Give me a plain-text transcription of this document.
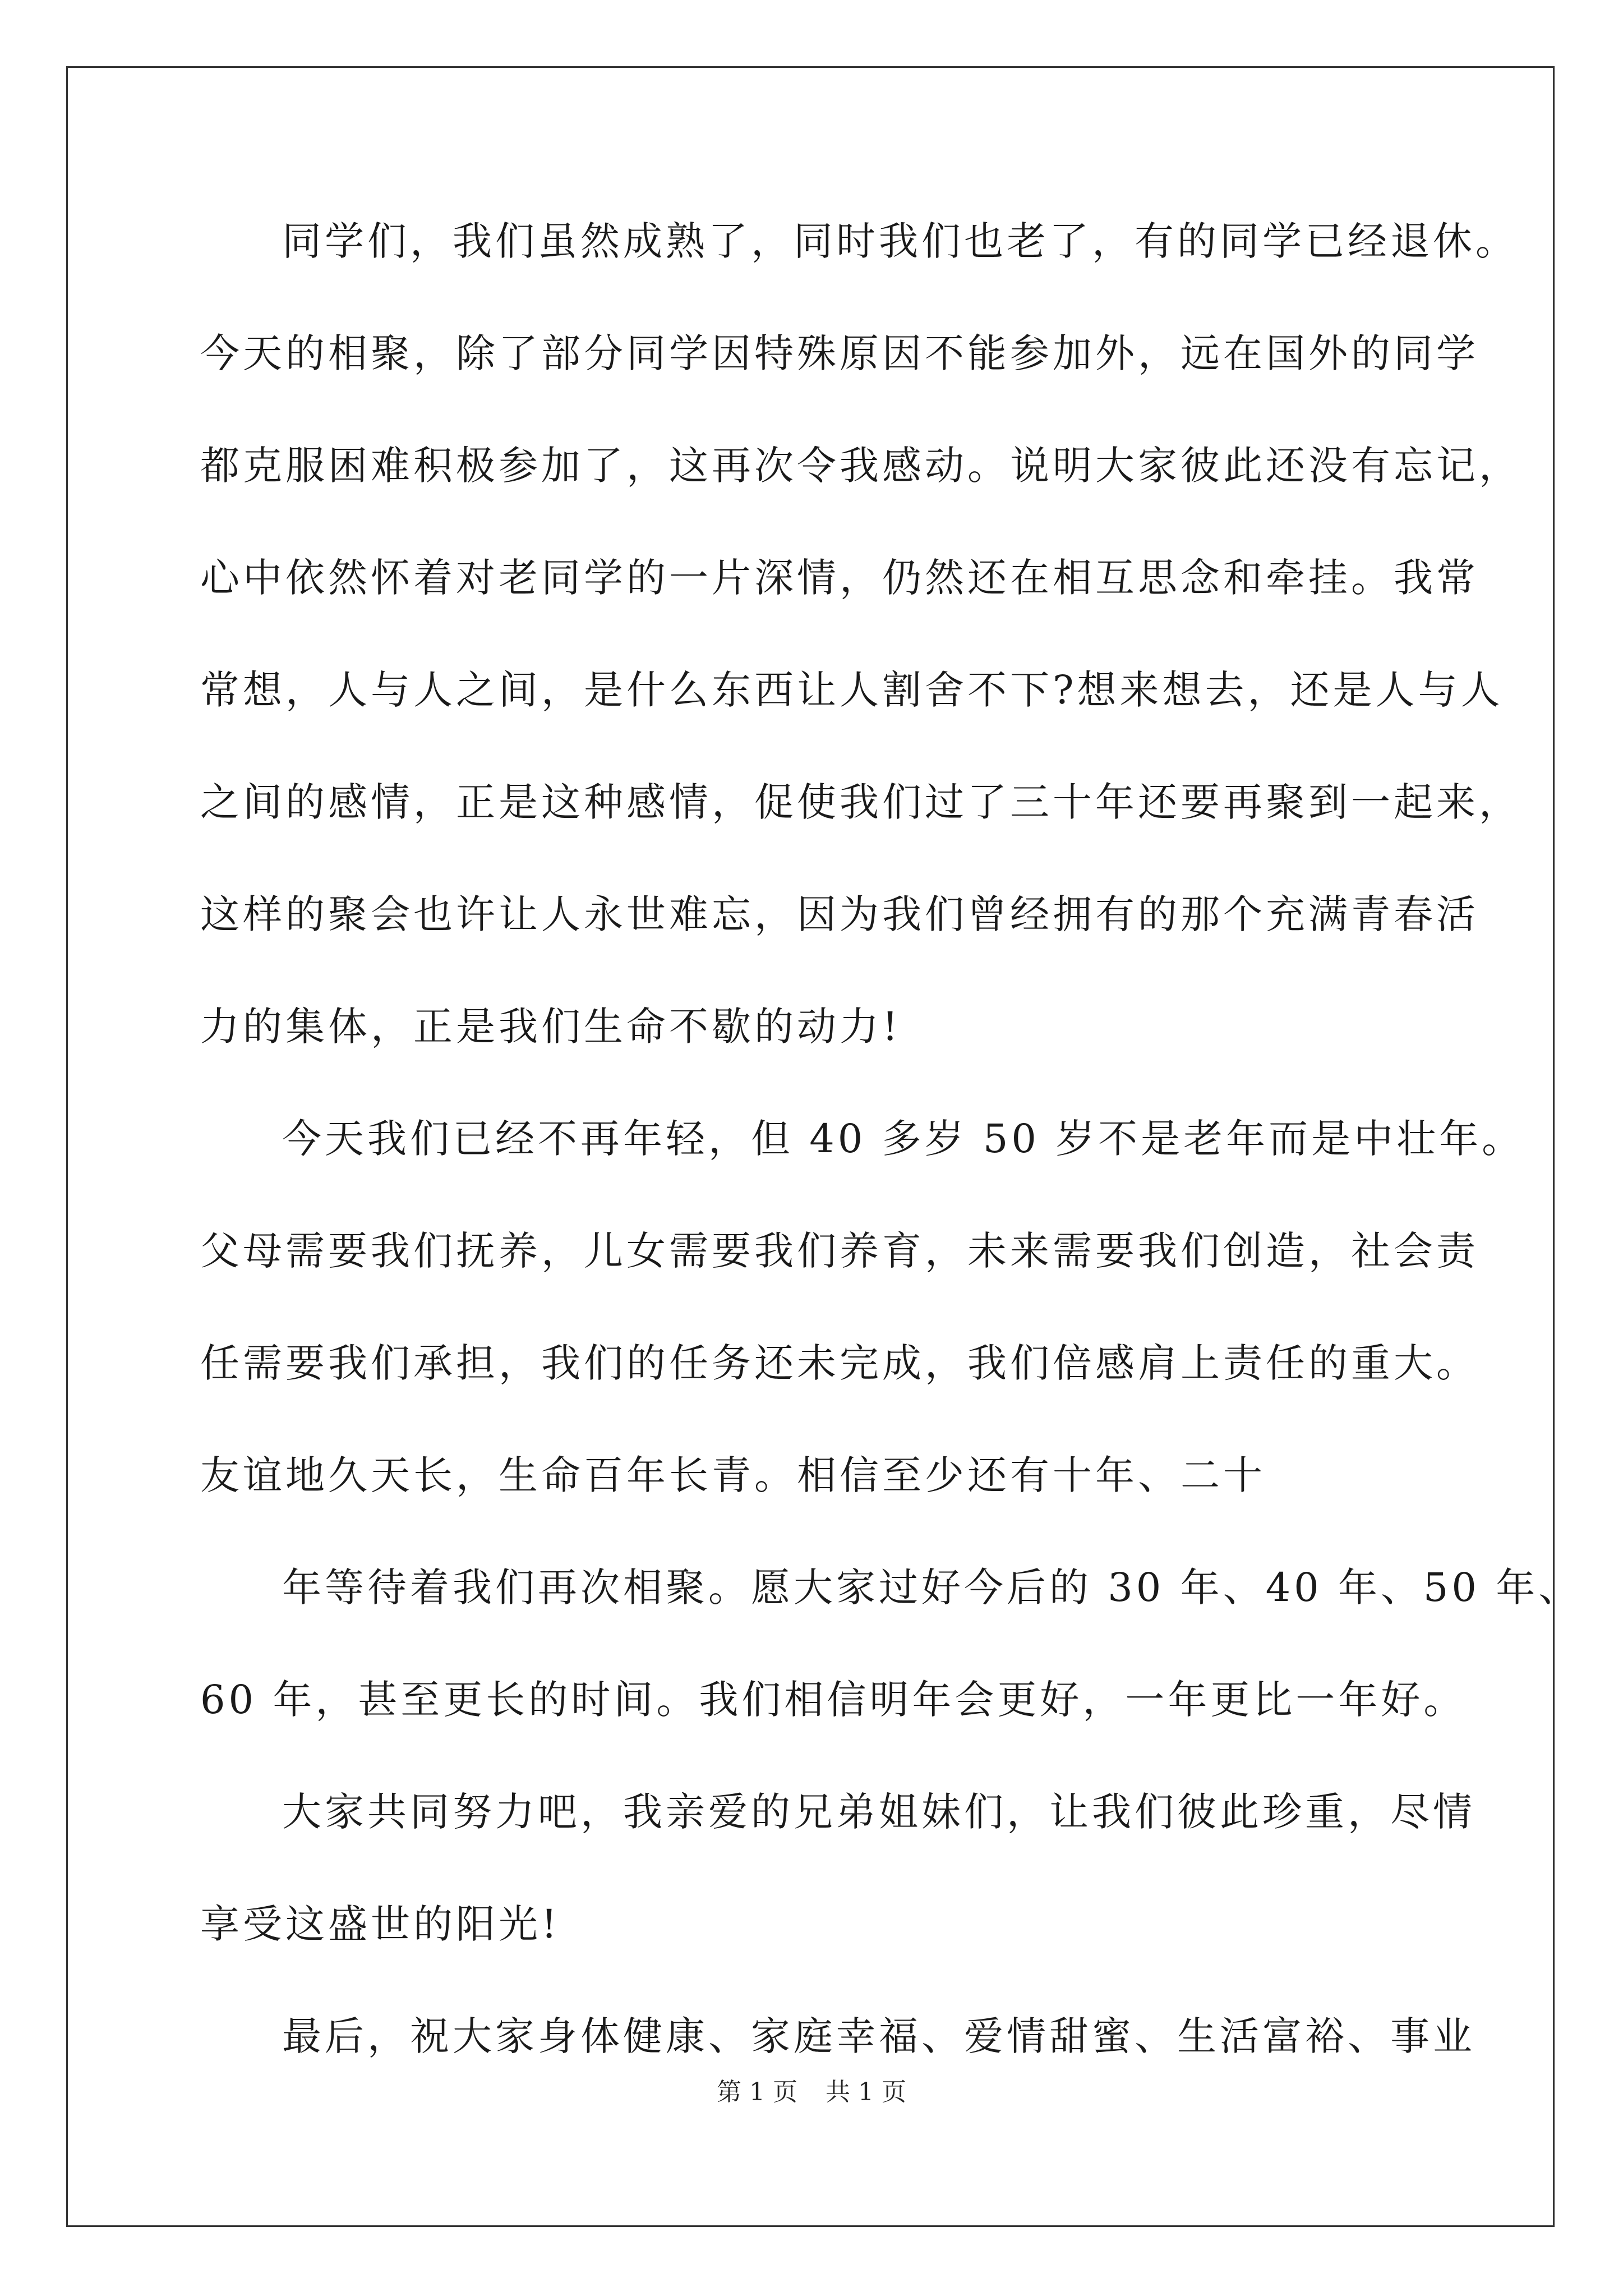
同学们，我们虽然成熟了，同时我们也老了，有的同学已经退休。
今天的相聚，除了部分同学因特殊原因不能参加外，远在国外的同学
都克服困难积极参加了，这再次令我感动。说明大家彼此还没有忘记，
心中依然怀着对老同学的一片深情，仍然还在相互思念和牵挂。我常
常想，人与人之间，是什么东西让人割舍不下?想来想去，还是人与人
之间的感情，正是这种感情，促使我们过了三十年还要再聚到一起来，
这样的聚会也许让人永世难忘，因为我们曾经拥有的那个充满青春活
力的集体，正是我们生命不歇的动力!
今天我们已经不再年轻，但 40 多岁 50 岁不是老年而是中壮年。
父母需要我们抚养，儿女需要我们养育，未来需要我们创造，社会责
任需要我们承担，我们的任务还未完成，我们倍感肩上责任的重大。
友谊地久天长，生命百年长青。相信至少还有十年、二十
年等待着我们再次相聚。愿大家过好今后的 30 年、40 年、50 年、
60 年，甚至更长的时间。我们相信明年会更好，一年更比一年好。
大家共同努力吧，我亲爱的兄弟姐妹们，让我们彼此珍重，尽情
享受这盛世的阳光!
最后，祝大家身体健康、家庭幸福、爱情甜蜜、生活富裕、事业
第 1 页 共 1 页
